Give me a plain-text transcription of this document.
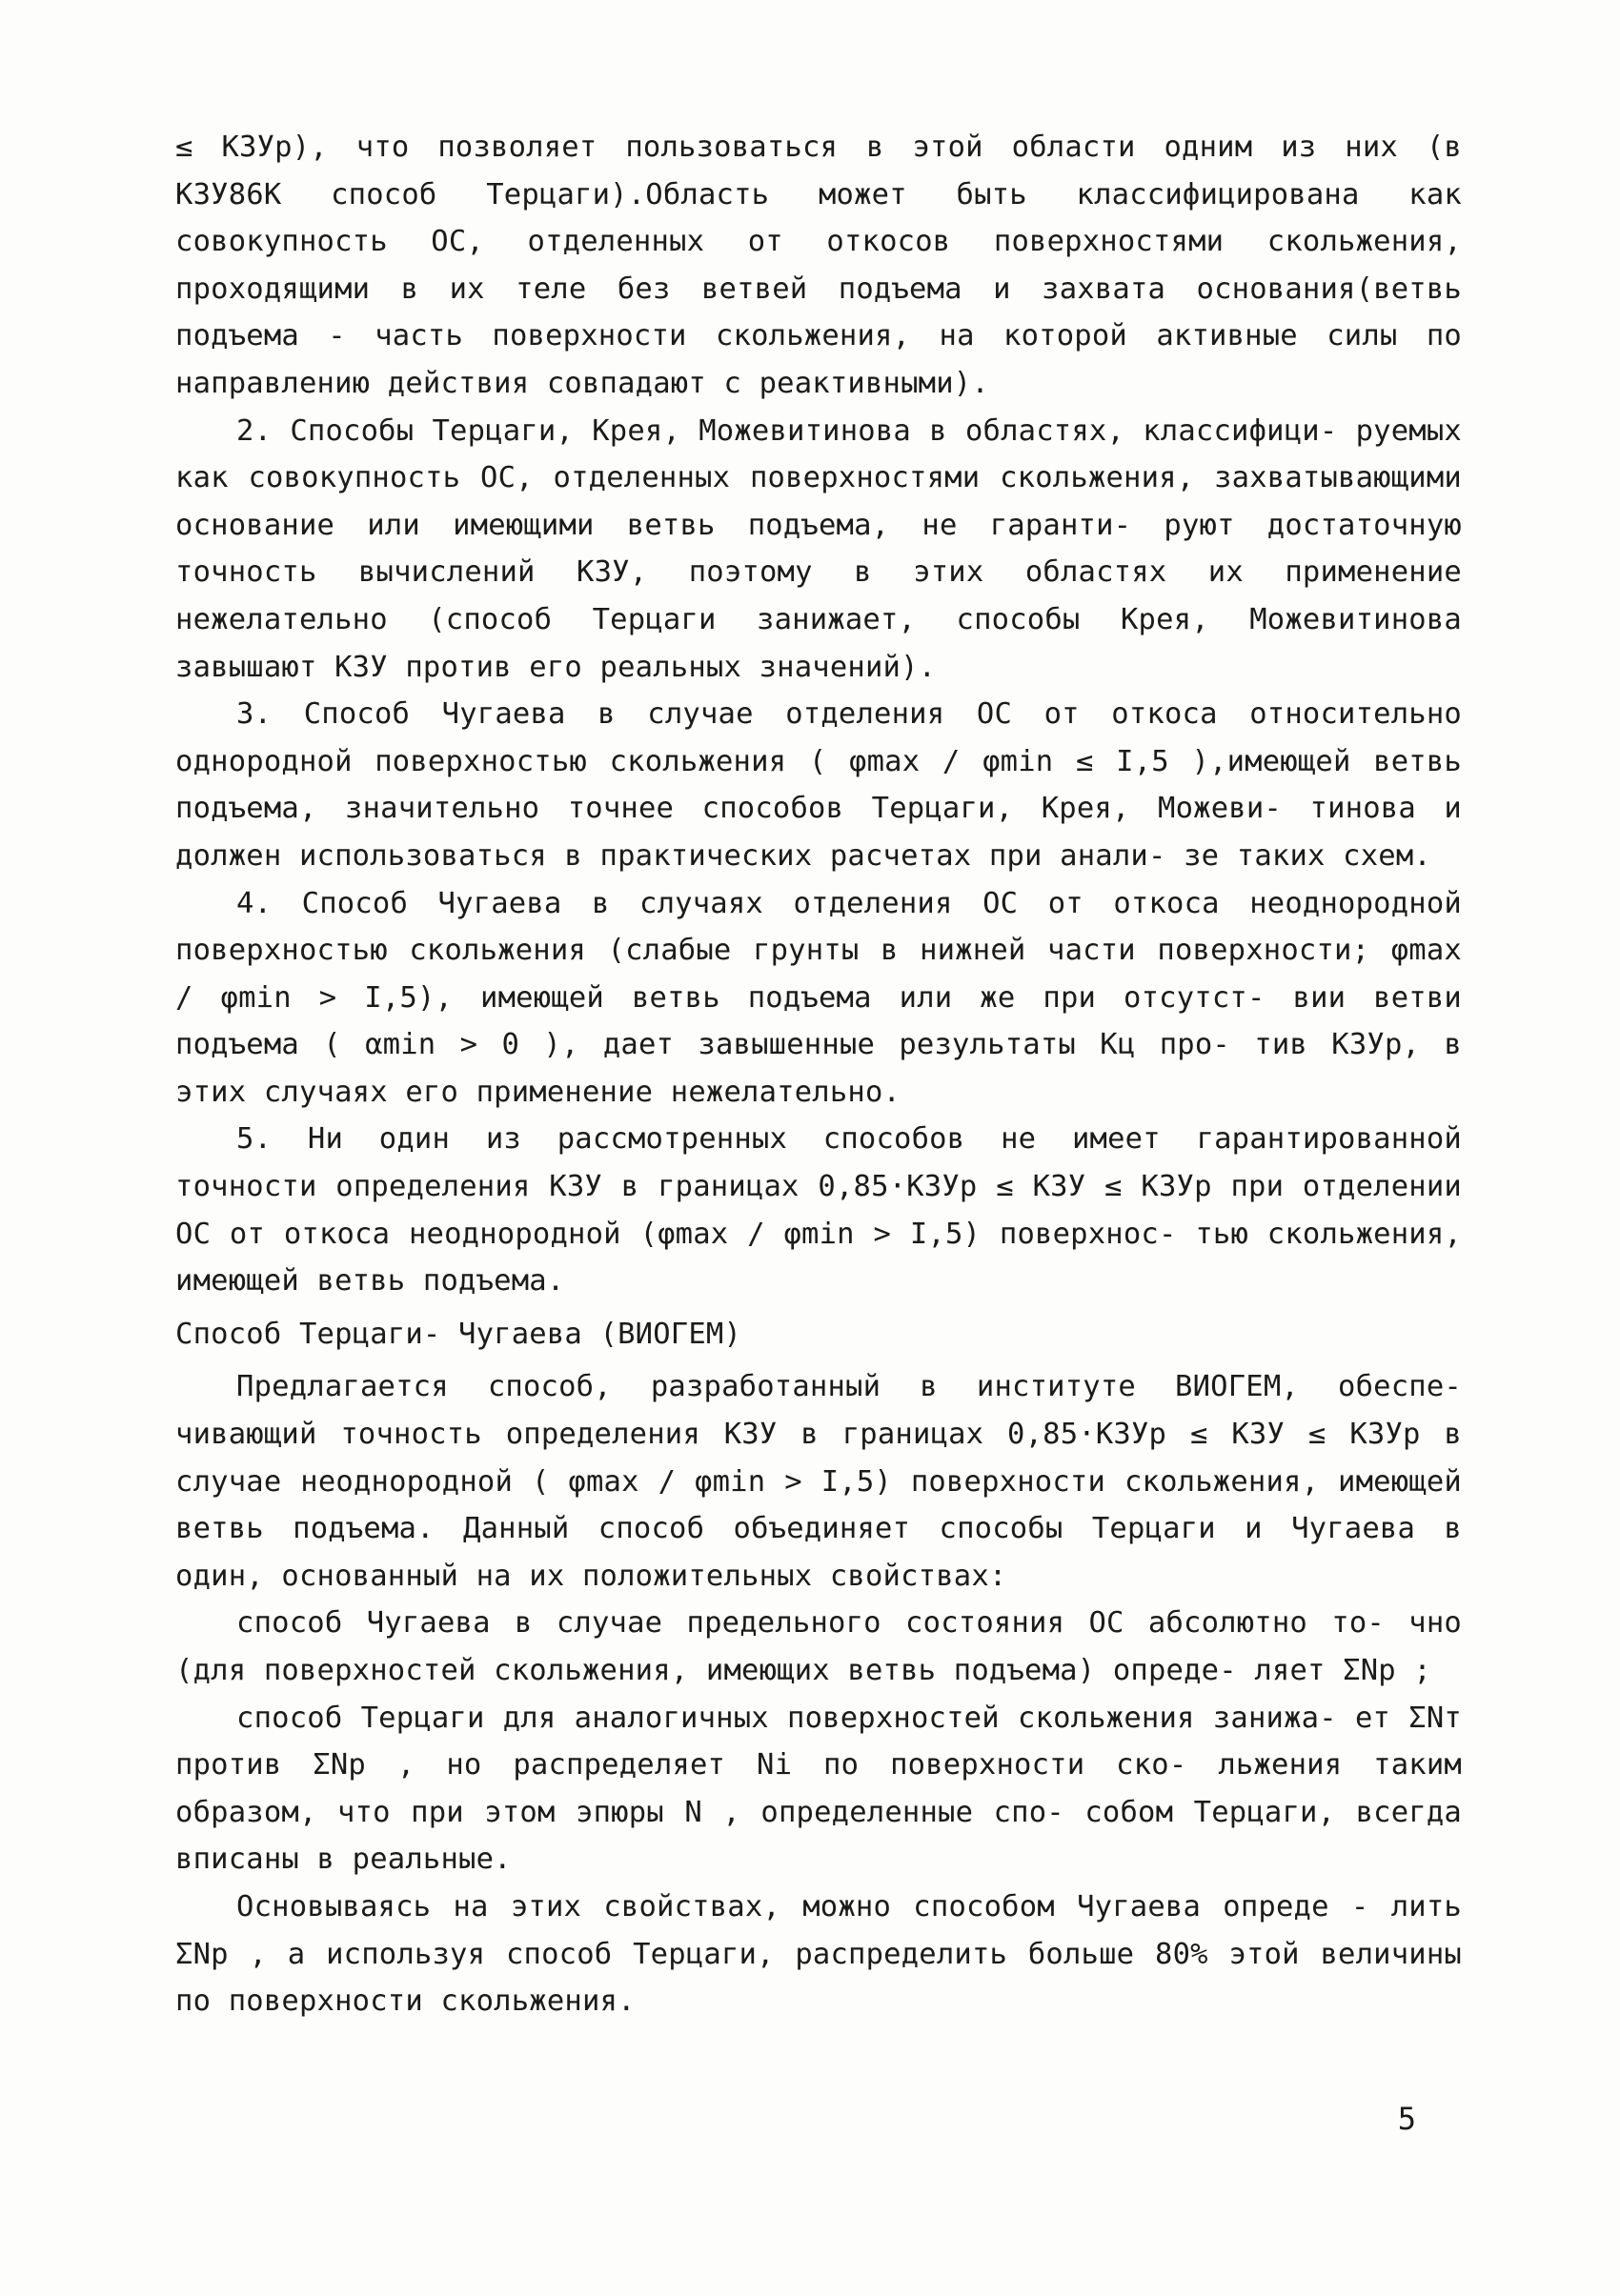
≤ КЗУр), что позволяет пользоваться в этой области одним из них (в КЗУ86К способ Терцаги).Область может быть классифицирована как совокупность ОС, отделенных от откосов поверхностями скольжения, проходящими в их теле без ветвей подъема и захвата основания(ветвь подъема - часть поверхности скольжения, на которой активные силы по направлению действия совпадают с реактивными).

2. Способы Терцаги, Крея, Можевитинова в областях, классифици- руемых как совокупность ОС, отделенных поверхностями скольжения, захватывающими основание или имеющими ветвь подъема, не гаранти- руют достаточную точность вычислений КЗУ, поэтому в этих областях их применение нежелательно (способ Терцаги занижает, способы Крея, Можевитинова завышают КЗУ против его реальных значений).

3. Способ Чугаева в случае отделения ОС от откоса относительно однородной поверхностью скольжения ( φmax / φmin ≤ I,5 ),имеющей ветвь подъема, значительно точнее способов Терцаги, Крея, Можеви- тинова и должен использоваться в практических расчетах при анали- зе таких схем.

4. Способ Чугаева в случаях отделения ОС от откоса неоднородной поверхностью скольжения (слабые грунты в нижней части поверхности; φmax / φmin > I,5), имеющей ветвь подъема или же при отсутст- вии ветви подъема ( αmin > 0 ), дает завышенные результаты Кц про- тив КЗУр, в этих случаях его применение нежелательно.

5. Ни один из рассмотренных способов не имеет гарантированной точности определения КЗУ в границах 0,85·КЗУр ≤ КЗУ ≤ КЗУр при отделении ОС от откоса неоднородной (φmax / φmin > I,5) поверхнос- тью скольжения, имеющей ветвь подъема.

Способ Терцаги- Чугаева (ВИОГЕМ)

Предлагается способ, разработанный в институте ВИОГЕМ, обеспе- чивающий точность определения КЗУ в границах 0,85·КЗУр ≤ КЗУ ≤ КЗУр в случае неоднородной ( φmax / φmin > I,5) поверхности скольжения, имеющей ветвь подъема. Данный способ объединяет способы Терцаги и Чугаева в один, основанный на их положительных свойствах:

способ Чугаева в случае предельного состояния ОС абсолютно то- чно (для поверхностей скольжения, имеющих ветвь подъема) опреде- ляет ΣNр ;

способ Терцаги для аналогичных поверхностей скольжения занижа- ет ΣNт против ΣNр , но распределяет Ni по поверхности ско- льжения таким образом, что при этом эпюры N , определенные спо- собом Терцаги, всегда вписаны в реальные.

Основываясь на этих свойствах, можно способом Чугаева опреде - лить ΣNр , а используя способ Терцаги, распределить больше 80% этой величины по поверхности скольжения.

5
